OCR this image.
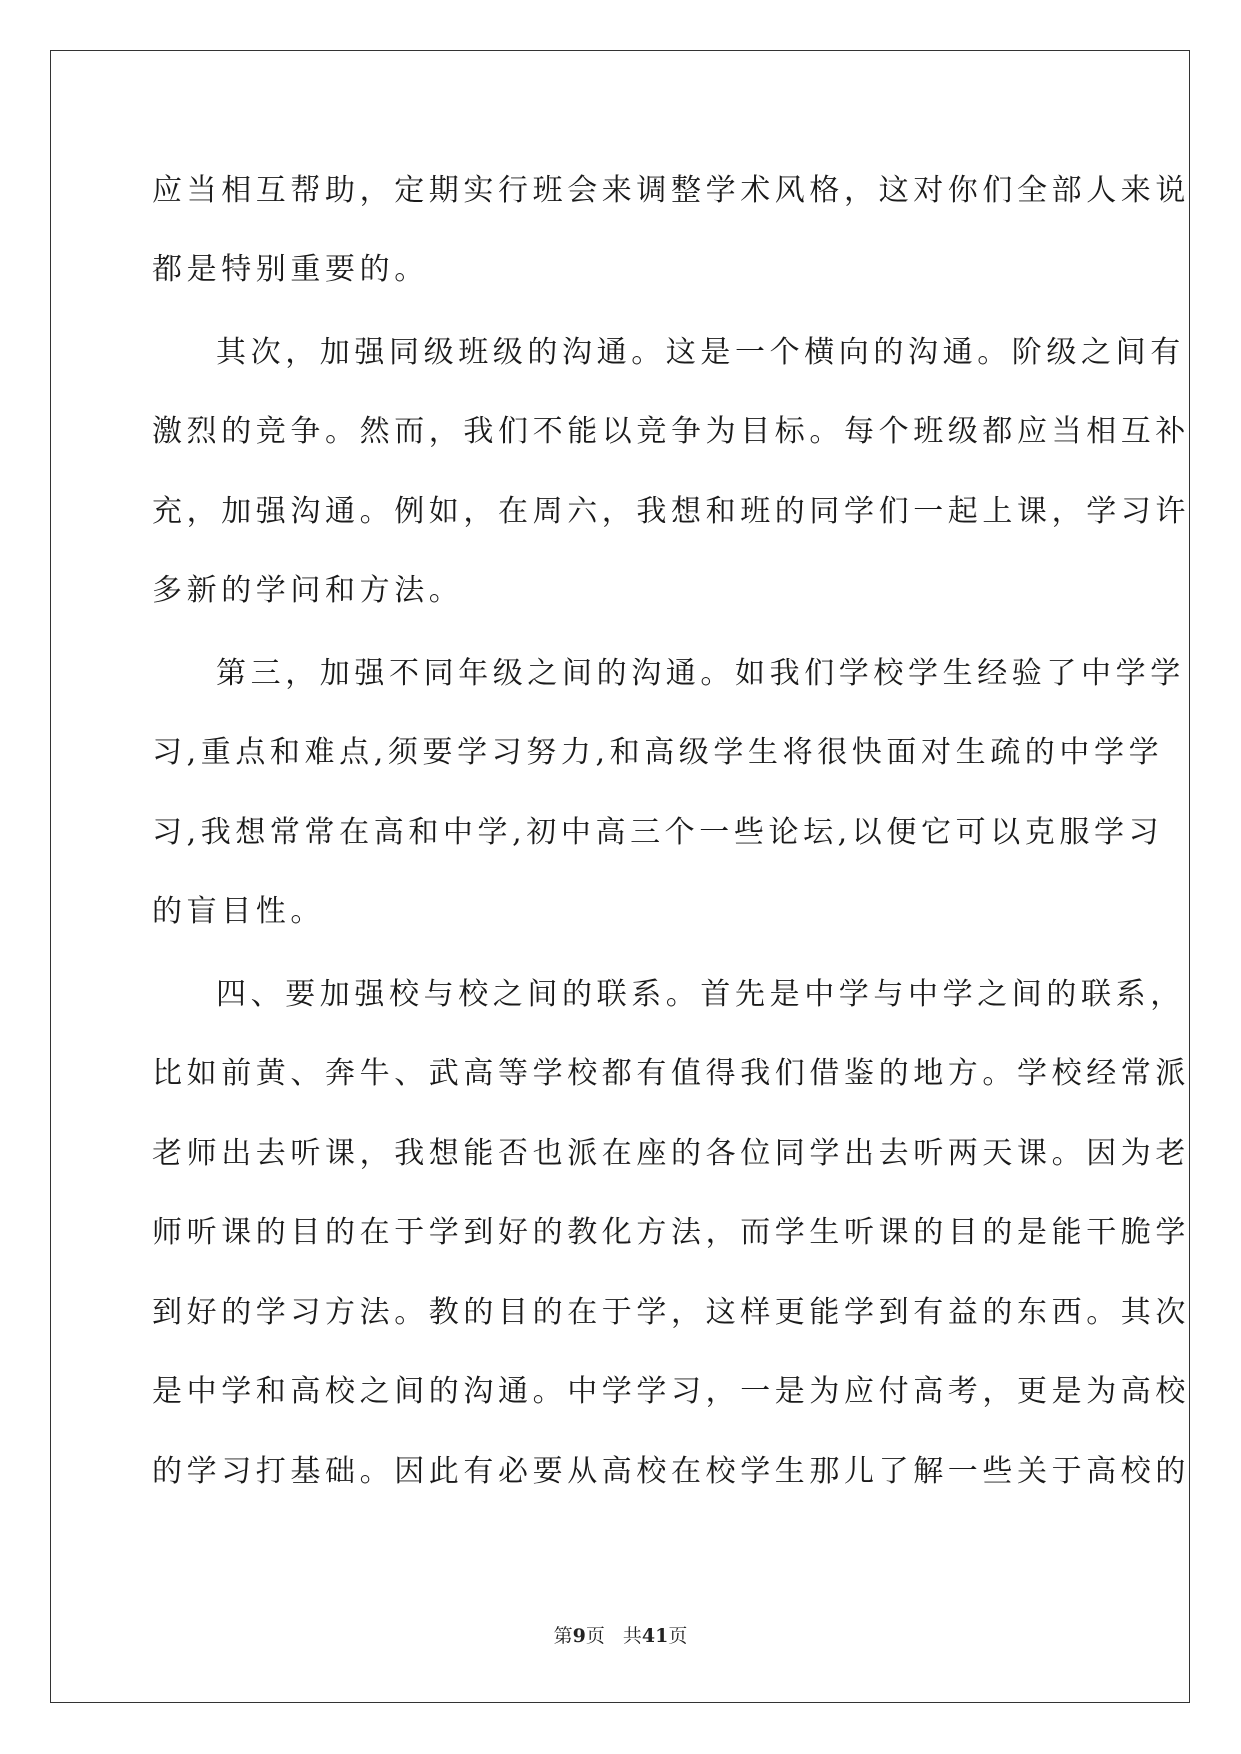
应当相互帮助，定期实行班会来调整学术风格，这对你们全部人来说
都是特别重要的。
其次，加强同级班级的沟通。这是一个横向的沟通。阶级之间有
激烈的竞争。然而，我们不能以竞争为目标。每个班级都应当相互补
充，加强沟通。例如，在周六，我想和班的同学们一起上课，学习许
多新的学问和方法。
第三，加强不同年级之间的沟通。如我们学校学生经验了中学学
习,重点和难点,须要学习努力,和高级学生将很快面对生疏的中学学
习,我想常常在高和中学,初中高三个一些论坛,以便它可以克服学习
的盲目性。
四、要加强校与校之间的联系。首先是中学与中学之间的联系，
比如前黄、奔牛、武高等学校都有值得我们借鉴的地方。学校经常派
老师出去听课，我想能否也派在座的各位同学出去听两天课。因为老
师听课的目的在于学到好的教化方法，而学生听课的目的是能干脆学
到好的学习方法。教的目的在于学，这样更能学到有益的东西。其次
是中学和高校之间的沟通。中学学习，一是为应付高考，更是为高校
的学习打基础。因此有必要从高校在校学生那儿了解一些关于高校的
第9页 共41页
